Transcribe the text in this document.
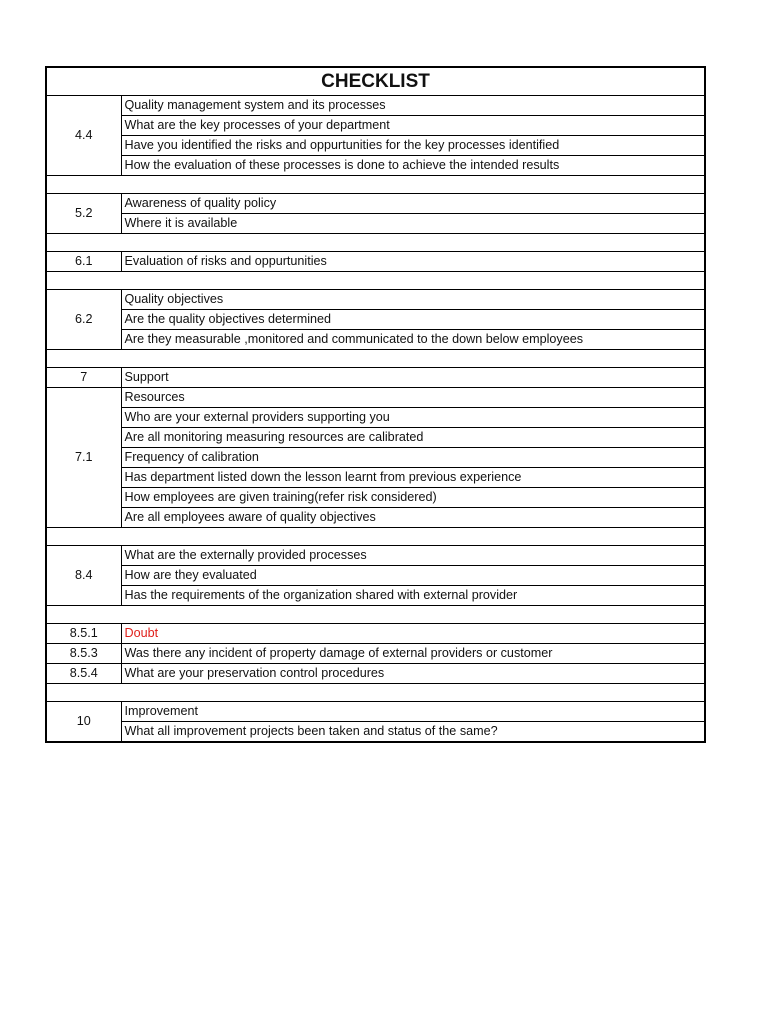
CHECKLIST	
4.4	Quality management system and its processes
	What are the key processes of your department
	Have you identified the risks and oppurtunities for the key processes identified
	How the evaluation of these processes is done to achieve the intended results

5.2	Awareness of quality policy
	Where it is available

6.1	Evaluation of risks and oppurtunities

6.2	Quality objectives
	Are the quality objectives determined
	Are they measurable ,monitored and communicated to the down below employees

7	Support
7.1	Resources
	Who are your external providers supporting you
	Are all monitoring measuring resources are calibrated
	Frequency of calibration
	Has department listed down the lesson learnt from previous experience
	How employees are given training(refer risk considered)
	Are all employees aware of quality objectives

8.4	What are the externally provided processes
	How are they evaluated
	Has the requirements of the organization shared with external provider

8.5.1	Doubt
8.5.3	Was there any incident of property damage of external providers or customer
8.5.4	What are your preservation control procedures

10	Improvement
	What all improvement projects been taken and status of the same?
